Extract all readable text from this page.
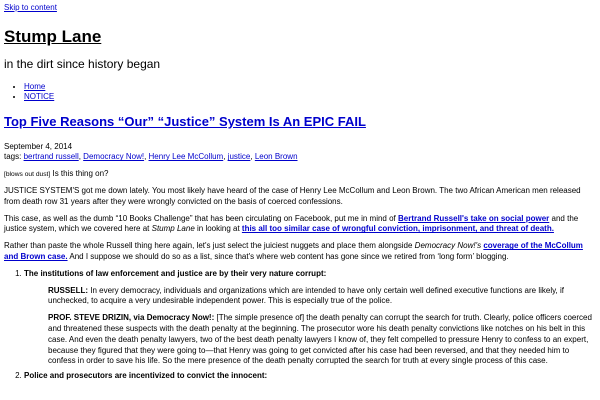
Skip to content
Stump Lane
in the dirt since history began
• Home
• NOTICE
Top Five Reasons “Our” “Justice” System Is An EPIC FAIL
September 4, 2014
tags: bertrand russell, Democracy Now!, Henry Lee McCollum, justice, Leon Brown

[blows out dust] Is this thing on?

JUSTICE SYSTEM'S got me down lately. You most likely have heard of the case of Henry Lee McCollum and Leon Brown. The two African American men released from death row 31 years after they were wrongly convicted on the basis of coerced confessions.

This case, as well as the dumb “10 Books Challenge” that has been circulating on Facebook, put me in mind of Bertrand Russell's take on social power and the justice system, which we covered here at Stump Lane in looking at this all too similar case of wrongful conviction, imprisonment, and threat of death.

Rather than paste the whole Russell thing here again, let's just select the juiciest nuggets and place them alongside Democracy Now!'s coverage of the McCollum and Brown case. And I suppose we should do so as a list, since that's where web content has gone since we retired from ‘long form’ blogging.

1. The institutions of law enforcement and justice are by their very nature corrupt:

RUSSELL: In every democracy, individuals and organizations which are intended to have only certain well defined executive functions are likely, if unchecked, to acquire a very undesirable independent power. This is especially true of the police.

PROF. STEVE DRIZIN, via Democracy Now!: [The simple presence of] the death penalty can corrupt the search for truth. Clearly, police officers coerced and threatened these suspects with the death penalty at the beginning. The prosecutor wore his death penalty convictions like notches on his belt in this case. And even the death penalty lawyers, two of the best death penalty lawyers I know of, they felt compelled to pressure Henry to confess to an expert, because they figured that they were going to—that Henry was going to get convicted after his case had been reversed, and that they needed him to confess in order to save his life. So the mere presence of the death penalty corrupted the search for truth at every single process of this case.

2. Police and prosecutors are incentivized to convict the innocent:
